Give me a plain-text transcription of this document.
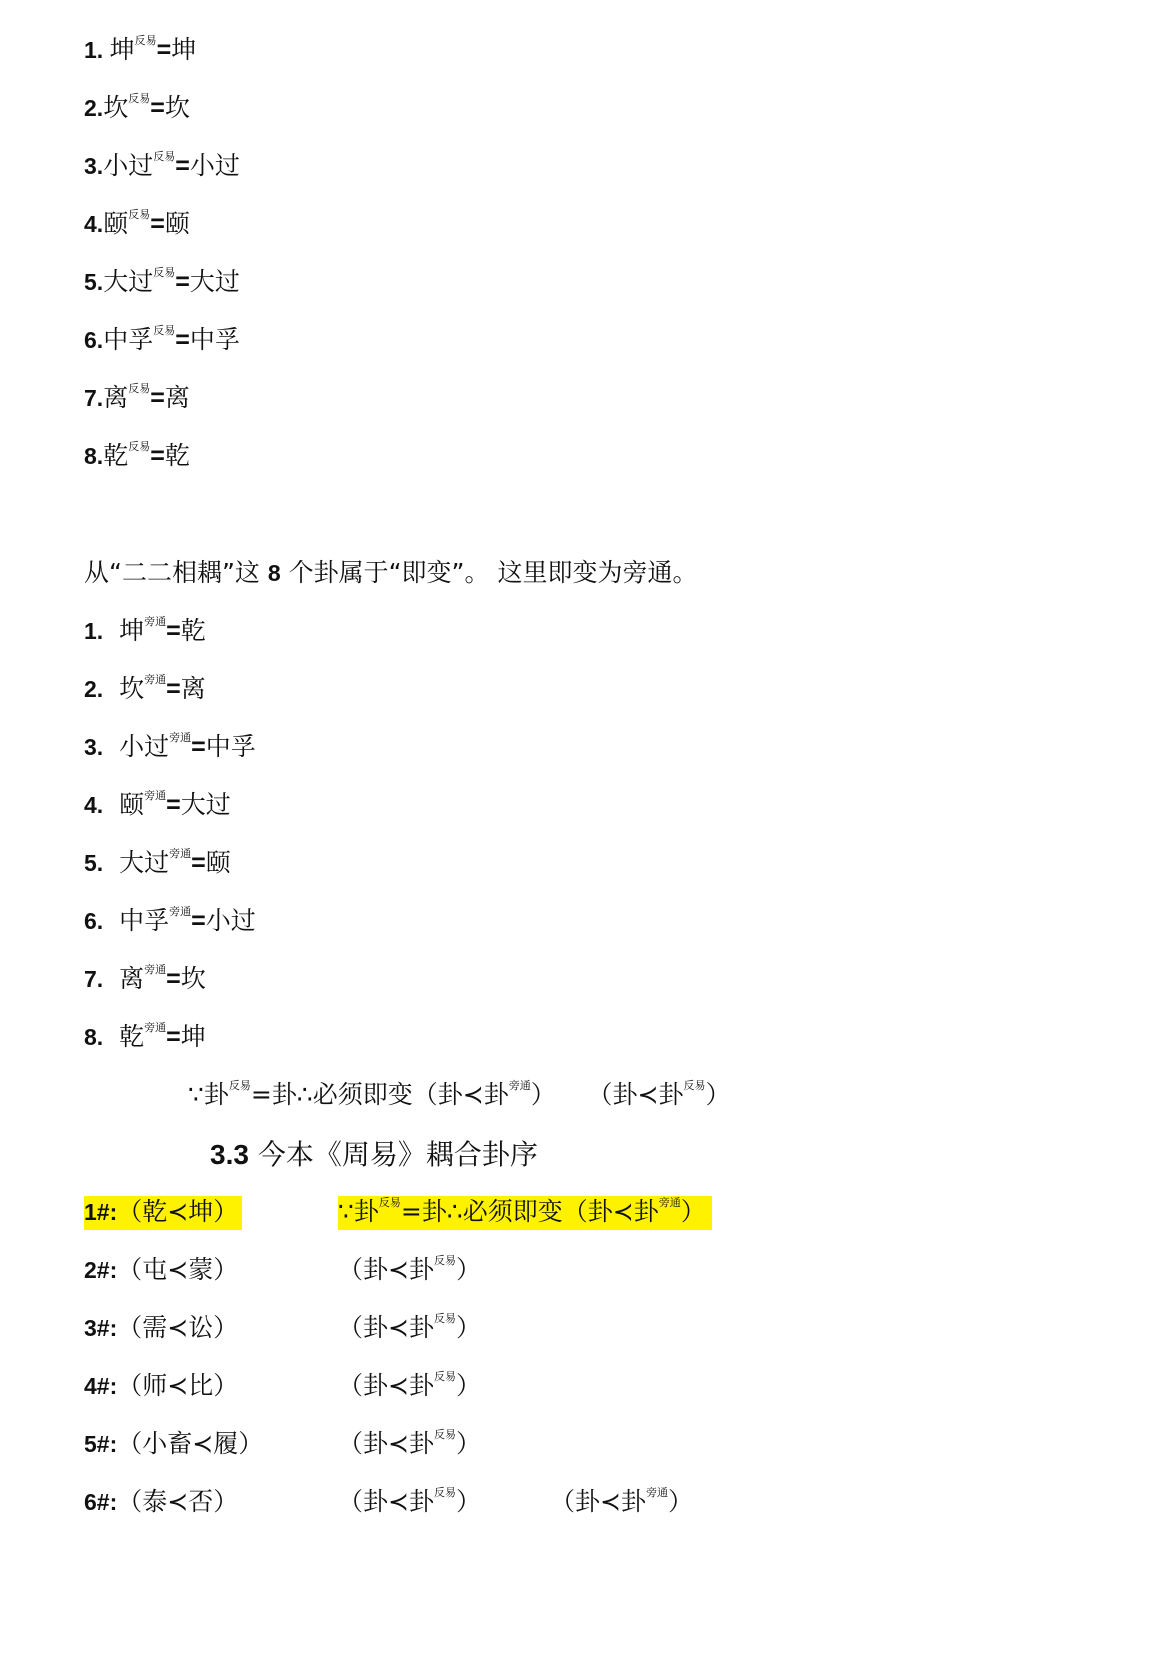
1. 坤$^{反易}$=坤
2.坎$^{反易}$=坎
3.小过$^{反易}$=小过
4.颐$^{反易}$=颐
5.大过$^{反易}$=大过
6.中孚$^{反易}$=中孚
7.离$^{反易}$=离
8.乾$^{反易}$=乾
从“二二相耦”这 8 个卦属于“即变”。 这里即变为旁通。
1. 坤$^{旁通}$=乾
2. 坎$^{旁通}$=离
3. 小过$^{旁通}$=中孚
4. 颐$^{旁通}$=大过
5. 大过$^{旁通}$=颐
6. 中孚$^{旁通}$=小过
7. 离$^{旁通}$=坎
8. 乾$^{旁通}$=坤
∵卦$^{反易}$=卦∴必须即变（卦≺卦$^{旁通}$） （卦≺卦$^{反易}$）
3.3 今本《周易》耦合卦序
1#:（乾≺坤）	∵卦$^{反易}$=卦∴必须即变（卦≺卦$^{旁通}$）
2#:（屯≺蒙）	（卦≺卦$^{反易}$）
3#:（需≺讼）	（卦≺卦$^{反易}$）
4#:（师≺比）	（卦≺卦$^{反易}$）
5#:（小畜≺履）	（卦≺卦$^{反易}$）
6#:（泰≺否）	（卦≺卦$^{反易}$）	（卦≺卦$^{旁通}$）
